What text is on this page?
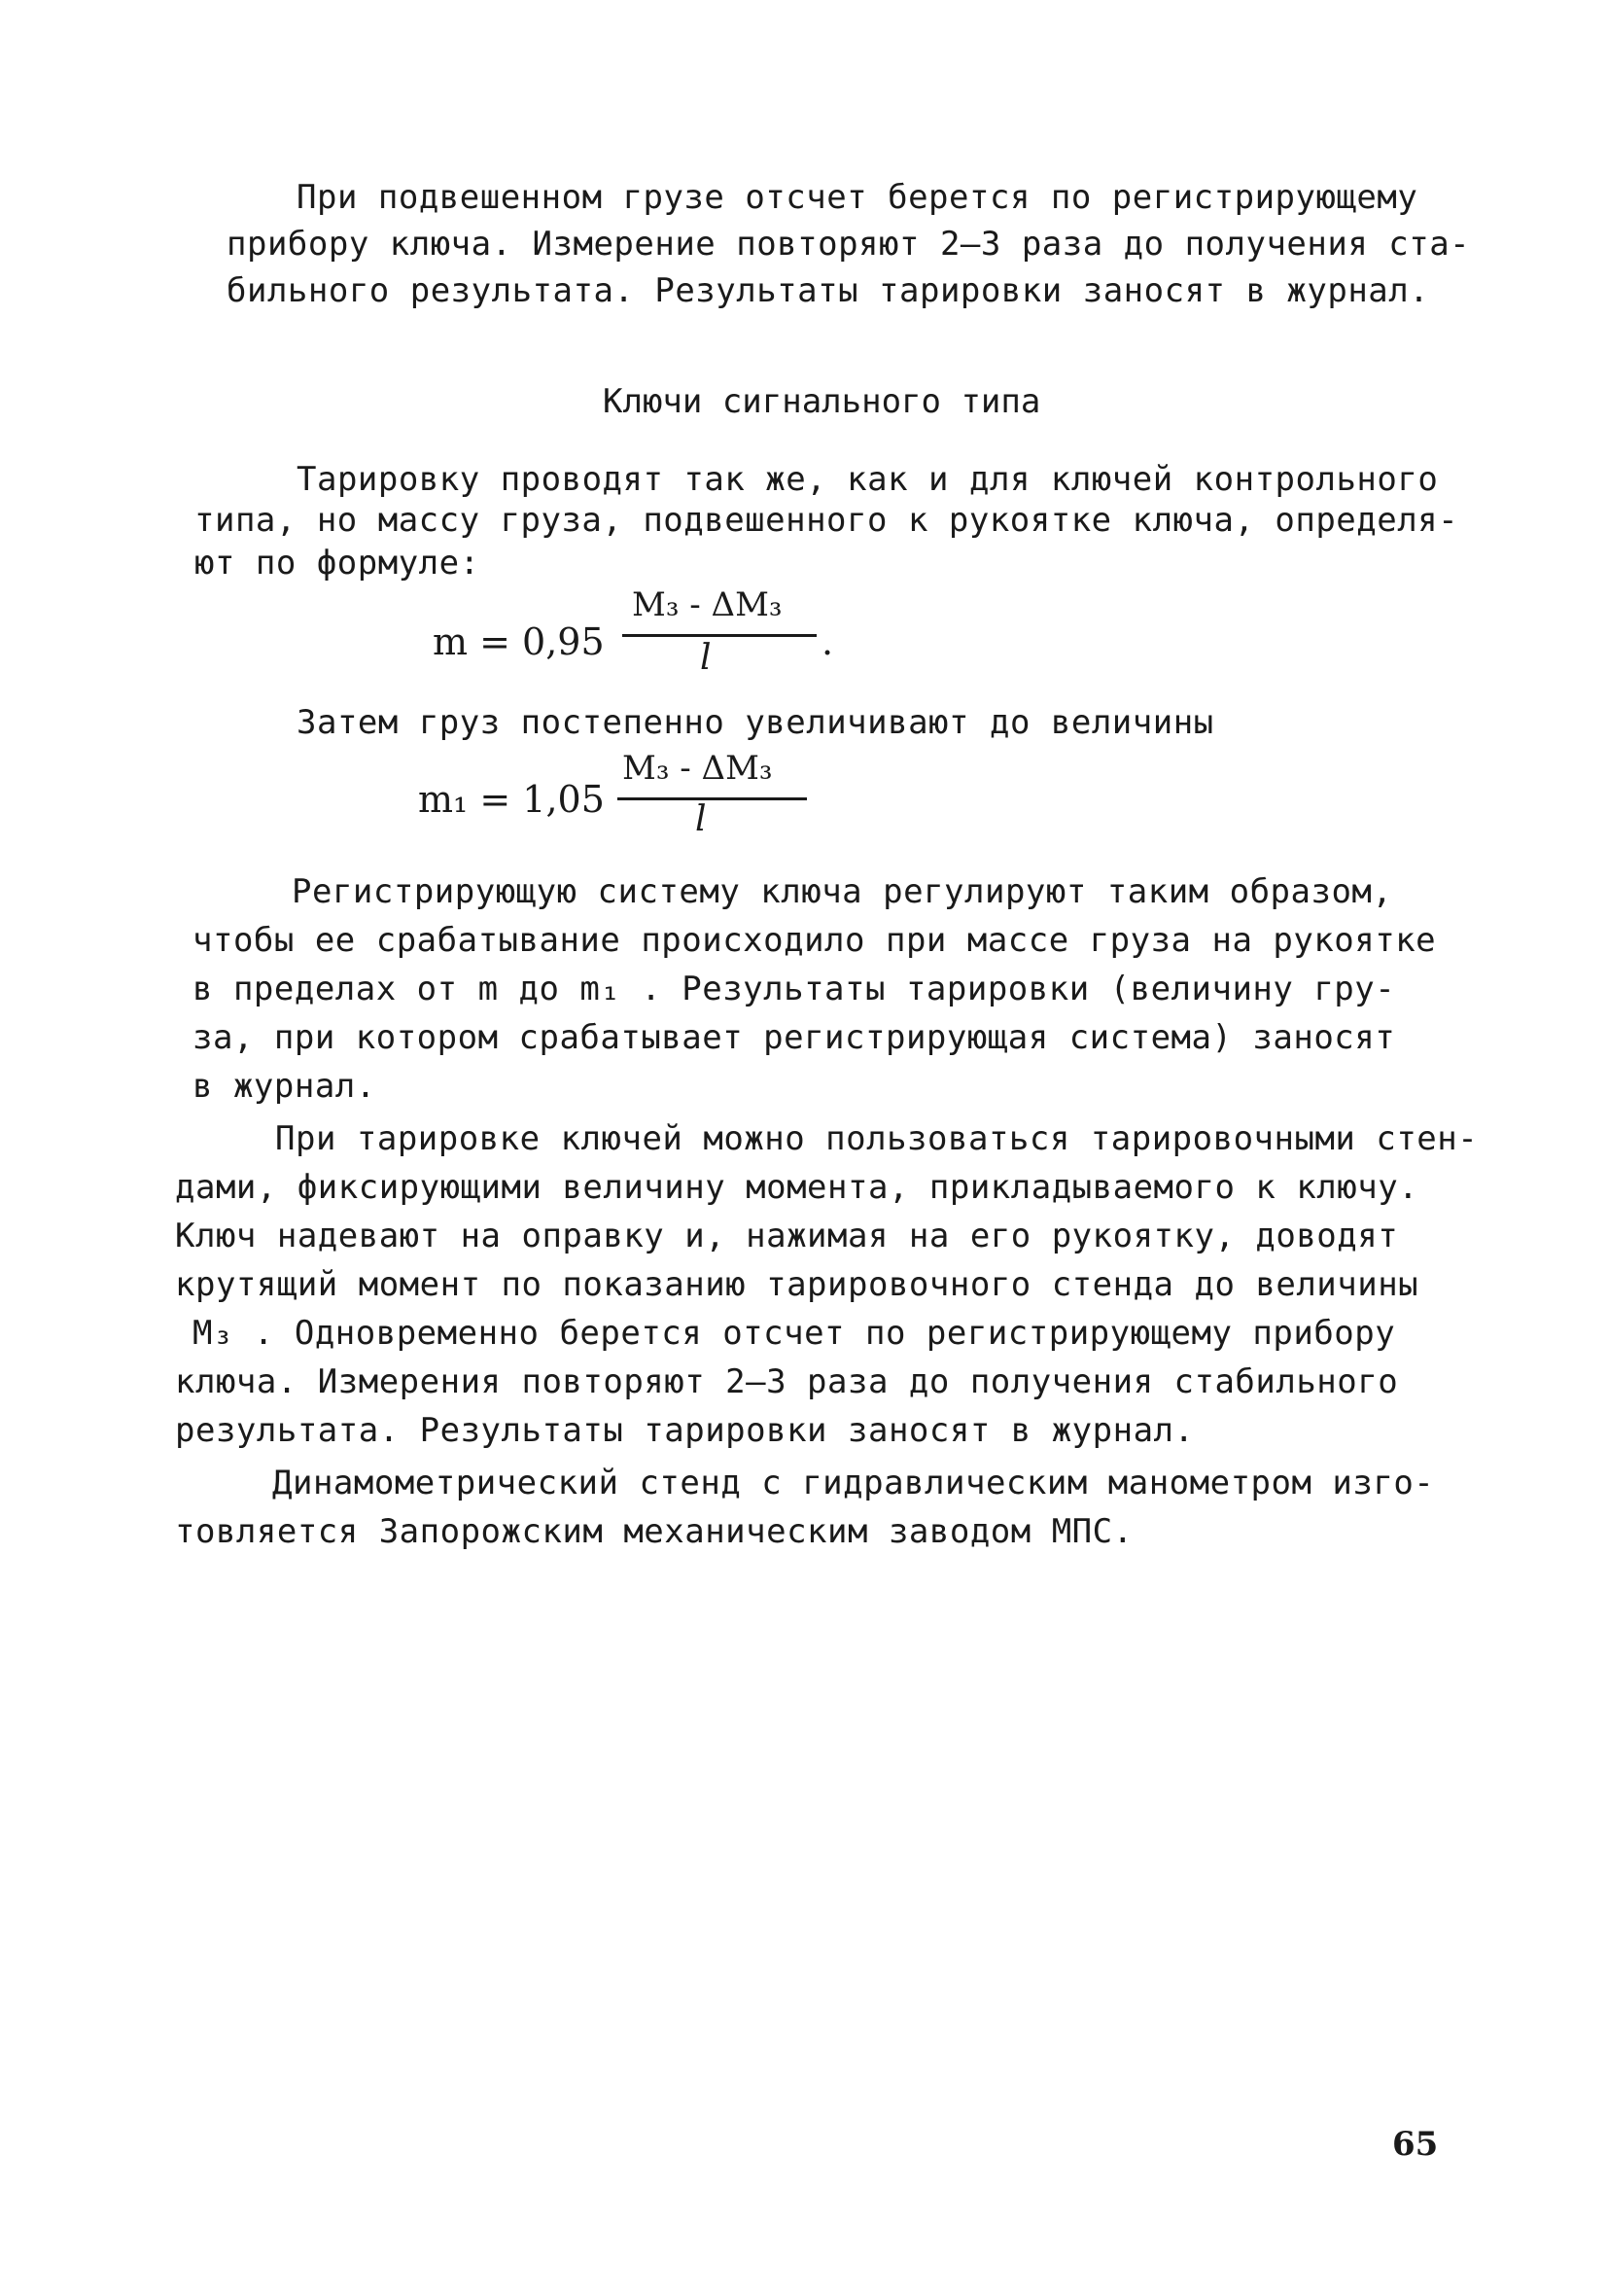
При подвешенном грузе отсчет берется по регистрирующему
прибору ключа. Измерение повторяют 2–3 раза до получения ста-
бильного результата. Результаты тарировки заносят в журнал.
Ключи сигнального типа
Тарировку проводят так же, как и для ключей контрольного
типа, но массу груза, подвешенного к рукоятке ключа, определя-
ют по формуле:
m = 0,95
M₃ - ΔM₃
l	.
Затем груз постепенно увеличивают до величины
m₁ = 1,05
M₃ - ΔM₃
l
Регистрирующую систему ключа регулируют таким образом,
чтобы ее срабатывание происходило при массе груза на рукоятке
в пределах от m до m₁ . Результаты тарировки (величину гру-
за, при котором срабатывает регистрирующая система) заносят
в журнал.
При тарировке ключей можно пользоваться тарировочными стен-
дами, фиксирующими величину момента, прикладываемого к ключу.
Ключ надевают на оправку и, нажимая на его рукоятку, доводят
крутящий момент по показанию тарировочного стенда до величины
M₃ . Одновременно берется отсчет по регистрирующему прибору
ключа. Измерения повторяют 2–3 раза до получения стабильного
результата. Результаты тарировки заносят в журнал.
Динамометрический стенд с гидравлическим манометром изго-
товляется Запорожским механическим заводом МПС.
65
